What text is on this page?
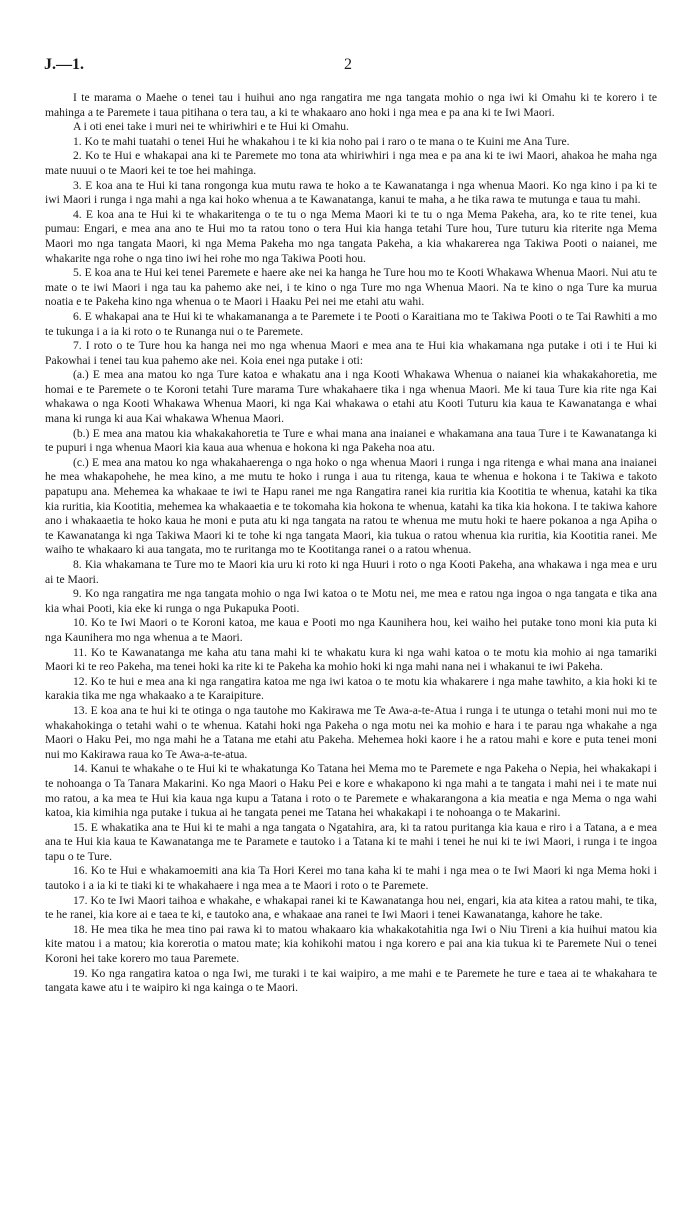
J.—1.	2

I te marama o Maehe o tenei tau i huihui ano nga rangatira me nga tangata mohio o nga iwi ki Omahu ki te korero i te mahinga a te Paremete i taua pitihana o tera tau, a ki te whakaaro ano hoki i nga mea e pa ana ki te Iwi Maori.

A i oti enei take i muri nei te whiriwhiri e te Hui ki Omahu.

1. Ko te mahi tuatahi o tenei Hui he whakahou i te ki kia noho pai i raro o te mana o te Kuini me Ana Ture.

2. Ko te Hui e whakapai ana ki te Paremete mo tona ata whiriwhiri i nga mea e pa ana ki te iwi Maori, ahakoa he maha nga mate nuuui o te Maori kei te toe hei mahinga.

3. E koa ana te Hui ki tana rongonga kua mutu rawa te hoko a te Kawanatanga i nga whenua Maori. Ko nga kino i pa ki te iwi Maori i runga i nga mahi a nga kai hoko whenua a te Kawanatanga, kanui te maha, a he tika rawa te mutunga e taua tu mahi.

4. E koa ana te Hui ki te whakaritenga o te tu o nga Mema Maori ki te tu o nga Mema Pakeha, ara, ko te rite tenei, kua pumau: Engari, e mea ana ano te Hui mo ta ratou tono o tera Hui kia hanga tetahi Ture hou, Ture tuturu kia riterite nga Mema Maori mo nga tangata Maori, ki nga Mema Pakeha mo nga tangata Pakeha, a kia whakarerea nga Takiwa Pooti o naianei, me whakarite nga rohe o nga tino iwi hei rohe mo nga Takiwa Pooti hou.

5. E koa ana te Hui kei tenei Paremete e haere ake nei ka hanga he Ture hou mo te Kooti Whakawa Whenua Maori. Nui atu te mate o te iwi Maori i nga tau ka pahemo ake nei, i te kino o nga Ture mo nga Whenua Maori. Na te kino o nga Ture ka murua noatia e te Pakeha kino nga whenua o te Maori i Haaku Pei nei me etahi atu wahi.

6. E whakapai ana te Hui ki te whakamananga a te Paremete i te Pooti o Karaitiana mo te Takiwa Pooti o te Tai Rawhiti a mo te tukunga i a ia ki roto o te Runanga nui o te Paremete.

7. I roto o te Ture hou ka hanga nei mo nga whenua Maori e mea ana te Hui kia whakamana nga putake i oti i te Hui ki Pakowhai i tenei tau kua pahemo ake nei. Koia enei nga putake i oti:

(a.) E mea ana matou ko nga Ture katoa e whakatu ana i nga Kooti Whakawa Whenua o naianei kia whakakahoretia, me homai e te Paremete o te Koroni tetahi Ture marama Ture whakahaere tika i nga whenua Maori. Me ki taua Ture kia rite nga Kai whakawa o nga Kooti Whakawa Whenua Maori, ki nga Kai whakawa o etahi atu Kooti Tuturu kia kaua te Kawanatanga e whai mana ki runga ki aua Kai whakawa Whenua Maori.

(b.) E mea ana matou kia whakakahoretia te Ture e whai mana ana inaianei e whakamana ana taua Ture i te Kawanatanga ki te pupuri i nga whenua Maori kia kaua aua whenua e hokona ki nga Pakeha noa atu.

(c.) E mea ana matou ko nga whakahaerenga o nga hoko o nga whenua Maori i runga i nga ritenga e whai mana ana inaianei he mea whakapohehe, he mea kino, a me mutu te hoko i runga i aua tu ritenga, kaua te whenua e hokona i te Takiwa e takoto papatupu ana. Mehemea ka whakaae te iwi te Hapu ranei me nga Rangatira ranei kia ruritia kia Kootitia te whenua, katahi ka tika kia ruritia, kia Kootitia, mehemea ka whakaaetia e te tokomaha kia hokona te whenua, katahi ka tika kia hokona. I te takiwa kahore ano i whakaaetia te hoko kaua he moni e puta atu ki nga tangata na ratou te whenua me mutu hoki te haere pokanoa a nga Apiha o te Kawanatanga ki nga Takiwa Maori ki te tohe ki nga tangata Maori, kia tukua o ratou whenua kia ruritia, kia Kootitia ranei. Me waiho te whakaaro ki aua tangata, mo te ruritanga mo te Kootitanga ranei o a ratou whenua.

8. Kia whakamana te Ture mo te Maori kia uru ki roto ki nga Huuri i roto o nga Kooti Pakeha, ana whakawa i nga mea e uru ai te Maori.

9. Ko nga rangatira me nga tangata mohio o nga Iwi katoa o te Motu nei, me mea e ratou nga ingoa o nga tangata e tika ana kia whai Pooti, kia eke ki runga o nga Pukapuka Pooti.

10. Ko te Iwi Maori o te Koroni katoa, me kaua e Pooti mo nga Kaunihera hou, kei waiho hei putake tono moni kia puta ki nga Kaunihera mo nga whenua a te Maori.

11. Ko te Kawanatanga me kaha atu tana mahi ki te whakatu kura ki nga wahi katoa o te motu kia mohio ai nga tamariki Maori ki te reo Pakeha, ma tenei hoki ka rite ki te Pakeha ka mohio hoki ki nga mahi nana nei i whakanui te iwi Pakeha.

12. Ko te hui e mea ana ki nga rangatira katoa me nga iwi katoa o te motu kia whakarere i nga mahe tawhito, a kia hoki ki te karakia tika me nga whakaako a te Karaipiture.

13. E koa ana te hui ki te otinga o nga tautohe mo Kakirawa me Te Awa-a-te-Atua i runga i te utunga o tetahi moni nui mo te whakahokinga o tetahi wahi o te whenua. Katahi hoki nga Pakeha o nga motu nei ka mohio e hara i te parau nga whakahe a nga Maori o Haku Pei, mo nga mahi he a Tatana me etahi atu Pakeha. Mehemea hoki kaore i he a ratou mahi e kore e puta tenei moni nui mo Kakirawa raua ko Te Awa-a-te-atua.

14. Kanui te whakahe o te Hui ki te whakatunga Ko Tatana hei Mema mo te Paremete e nga Pakeha o Nepia, hei whakakapi i te nohoanga o Ta Tanara Makarini. Ko nga Maori o Haku Pei e kore e whakapono ki nga mahi a te tangata i mahi nei i te mate nui mo ratou, a ka mea te Hui kia kaua nga kupu a Tatana i roto o te Paremete e whakarangona a kia meatia e nga Mema o nga wahi katoa, kia kimihia nga putake i tukua ai he tangata penei me Tatana hei whakakapi i te nohoanga o te Makarini.

15. E whakatika ana te Hui ki te mahi a nga tangata o Ngatahira, ara, ki ta ratou puritanga kia kaua e riro i a Tatana, a e mea ana te Hui kia kaua te Kawanatanga me te Paramete e tautoko i a Tatana ki te mahi i tenei he nui ki te iwi Maori, i runga i te ingoa tapu o te Ture.

16. Ko te Hui e whakamoemiti ana kia Ta Hori Kerei mo tana kaha ki te mahi i nga mea o te Iwi Maori ki nga Mema hoki i tautoko i a ia ki te tiaki ki te whakahaere i nga mea a te Maori i roto o te Paremete.

17. Ko te Iwi Maori taihoa e whakahe, e whakapai ranei ki te Kawanatanga hou nei, engari, kia ata kitea a ratou mahi, te tika, te he ranei, kia kore ai e taea te ki, e tautoko ana, e whakaae ana ranei te Iwi Maori i tenei Kawanatanga, kahore he take.

18. He mea tika he mea tino pai rawa ki to matou whakaaro kia whakakotahitia nga Iwi o Niu Tireni a kia huihui matou kia kite matou i a matou; kia korerotia o matou mate; kia kohikohi matou i nga korero e pai ana kia tukua ki te Paremete Nui o tenei Koroni hei take korero mo taua Paremete.

19. Ko nga rangatira katoa o nga Iwi, me turaki i te kai waipiro, a me mahi e te Paremete he ture e taea ai te whakahara te tangata kawe atu i te waipiro ki nga kainga o te Maori.
